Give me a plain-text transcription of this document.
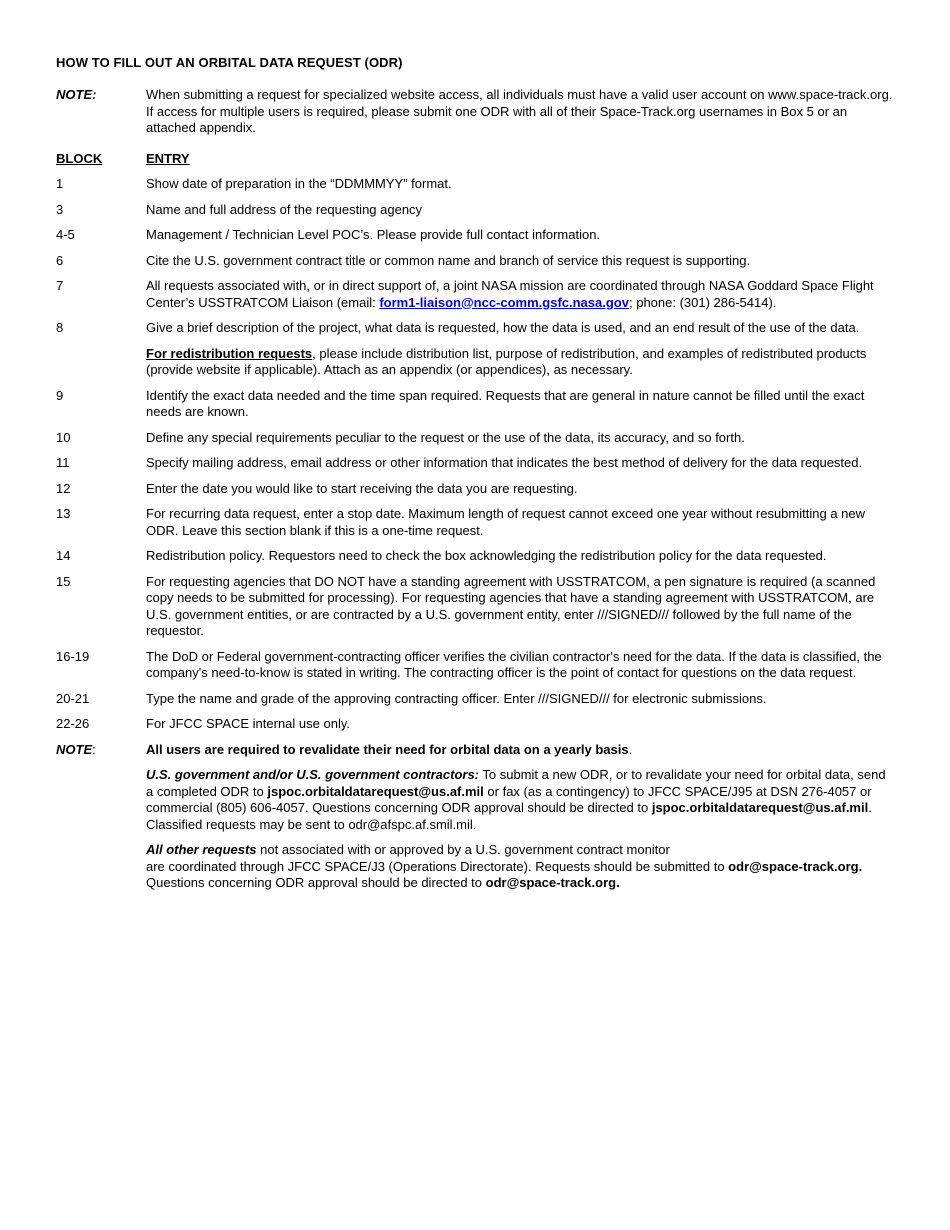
HOW TO FILL OUT AN ORBITAL DATA REQUEST (ODR)
NOTE:	When submitting a request for specialized website access, all individuals must have a valid user account on www.space-track.org. If access for multiple users is required, please submit one ODR with all of their Space-Track.org usernames in Box 5 or an attached appendix.
BLOCK	ENTRY
1	Show date of preparation in the “DDMMMYY” format.
3	Name and full address of the requesting agency
4-5	Management / Technician Level POC’s. Please provide full contact information.
6	Cite the U.S. government contract title or common name and branch of service this request is supporting.
7	All requests associated with, or in direct support of, a joint NASA mission are coordinated through NASA Goddard Space Flight Center’s USSTRATCOM Liaison (email: form1-liaison@ncc-comm.gsfc.nasa.gov; phone: (301) 286-5414).
8	Give a brief description of the project, what data is requested, how the data is used, and an end result of the use of the data.
For redistribution requests, please include distribution list, purpose of redistribution, and examples of redistributed products (provide website if applicable). Attach as an appendix (or appendices), as necessary.
9	Identify the exact data needed and the time span required. Requests that are general in nature cannot be filled until the exact needs are known.
10	Define any special requirements peculiar to the request or the use of the data, its accuracy, and so forth.
11	Specify mailing address, email address or other information that indicates the best method of delivery for the data requested.
12	Enter the date you would like to start receiving the data you are requesting.
13	For recurring data request, enter a stop date. Maximum length of request cannot exceed one year without resubmitting a new ODR. Leave this section blank if this is a one-time request.
14	Redistribution policy. Requestors need to check the box acknowledging the redistribution policy for the data requested.
15	For requesting agencies that DO NOT have a standing agreement with USSTRATCOM, a pen signature is required (a scanned copy needs to be submitted for processing). For requesting agencies that have a standing agreement with USSTRATCOM, are U.S. government entities, or are contracted by a U.S. government entity, enter ///SIGNED/// followed by the full name of the requestor.
16-19	The DoD or Federal government-contracting officer verifies the civilian contractor's need for the data. If the data is classified, the company's need-to-know is stated in writing. The contracting officer is the point of contact for questions on the data request.
20-21	Type the name and grade of the approving contracting officer. Enter ///SIGNED/// for electronic submissions.
22-26	For JFCC SPACE internal use only.
NOTE:	All users are required to revalidate their need for orbital data on a yearly basis.
U.S. government and/or U.S. government contractors: To submit a new ODR, or to revalidate your need for orbital data, send a completed ODR to jspoc.orbitaldatarequest@us.af.mil or fax (as a contingency) to JFCC SPACE/J95 at DSN 276-4057 or commercial (805) 606-4057. Questions concerning ODR approval should be directed to jspoc.orbitaldatarequest@us.af.mil. Classified requests may be sent to odr@afspc.af.smil.mil.
All other requests not associated with or approved by a U.S. government contract monitor
are coordinated through JFCC SPACE/J3 (Operations Directorate). Requests should be submitted to odr@space-track.org. Questions concerning ODR approval should be directed to odr@space-track.org.
